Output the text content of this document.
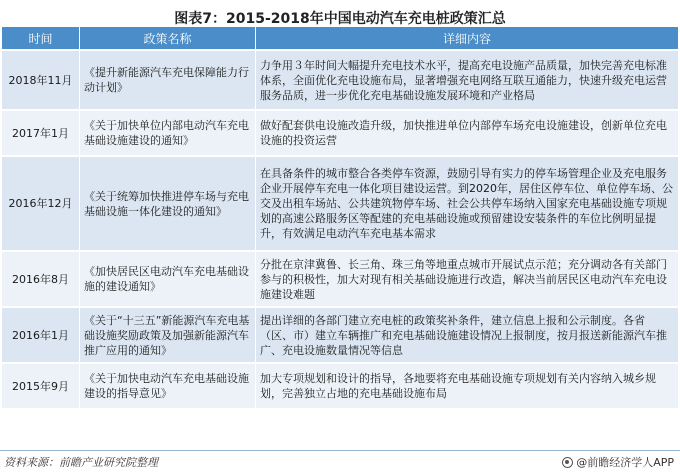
图表7：2015-2018年中国电动汽车充电桩政策汇总
时间	政策名称	详细内容
2018年11月	《提升新能源汽车充电保障能力行动计划》	力争用３年时间大幅提升充电技术水平，提高充电设施产品质量，加快完善充电标准体系，全面优化充电设施布局，显著增强充电网络互联互通能力，快速升级充电运营服务品质，进一步优化充电基础设施发展环境和产业格局
2017年1月	《关于加快单位内部电动汽车充电基础设施建设的通知》	做好配套供电设施改造升级，加快推进单位内部停车场充电设施建设，创新单位充电设施的投资运营
2016年12月	《关于统筹加快推进停车场与充电基础设施一体化建设的通知》	在具备条件的城市整合各类停车资源，鼓励引导有实力的停车场管理企业及充电服务企业开展停车充电一体化项目建设运营。到2020年，居住区停车位、单位停车场、公交及出租车场站、公共建筑物停车场、社会公共停车场纳入国家充电基础设施专项规划的高速公路服务区等配建的充电基础设施或预留建设安装条件的车位比例明显提升，有效满足电动汽车充电基本需求
2016年8月	《加快居民区电动汽车充电基础设施的建设通知》	分批在京津冀鲁、长三角、珠三角等地重点城市开展试点示范；充分调动各有关部门参与的积极性，加大对现有相关基础设施进行改造，解决当前居民区电动汽车充电设施建设难题
2016年1月	《关于“十三五”新能源汽车充电基础设施奖励政策及加强新能源汽车推广应用的通知》	提出详细的各部门建立充电桩的政策奖补条件，建立信息上报和公示制度。各省（区、市）建立车辆推广和充电基础设施建设情况上报制度，按月报送新能源汽车推广、充电设施数量情况等信息
2015年9月	《关于加快电动汽车充电基础设施建设的指导意见》	加大专项规划和设计的指导，各地要将充电基础设施专项规划有关内容纳入城乡规划，完善独立占地的充电基础设施布局
资料来源：前瞻产业研究院整理	@前瞻经济学人APP
